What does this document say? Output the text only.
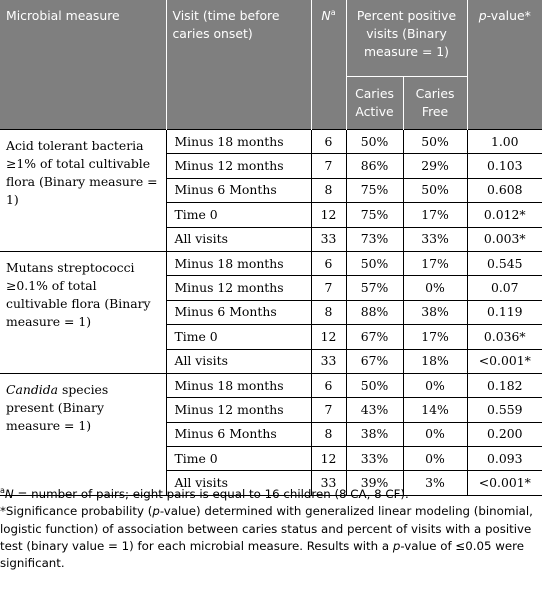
Microbial measure	Visit (time before caries onset)	$N^a$	Percent positive visits (Binary measure = 1)		p-value*

			Caries Active	Caries Free	

Acid tolerant bacteria ≥1% of total cultivable flora (Binary measure = 1)	Minus 18 months	6	50%	50%	1.00
	Minus 12 months	7	86%	29%	0.103
	Minus 6 Months	8	75%	50%	0.608
	Time 0	12	75%	17%	0.012*
	All visits	33	73%	33%	0.003*
Mutans streptococci ≥0.1% of total cultivable flora (Binary measure = 1)	Minus 18 months	6	50%	17%	0.545
	Minus 12 months	7	57%	0%	0.07
	Minus 6 Months	8	88%	38%	0.119
	Time 0	12	67%	17%	0.036*
	All visits	33	67%	18%	<0.001*
Candida species present (Binary measure = 1)	Minus 18 months	6	50%	0%	0.182
	Minus 12 months	7	43%	14%	0.559
	Minus 6 Months	8	38%	0%	0.200
	Time 0	12	33%	0%	0.093
	All visits	33	39%	3%	<0.001*

$^a$N = number of pairs; eight pairs is equal to 16 children (8 CA, 8 CF).

*Significance probability (p-value) determined with generalized linear modeling (binomial, logistic function) of association between caries status and percent of visits with a positive test (binary value = 1) for each microbial measure. Results with a p-value of ≤0.05 were significant.
